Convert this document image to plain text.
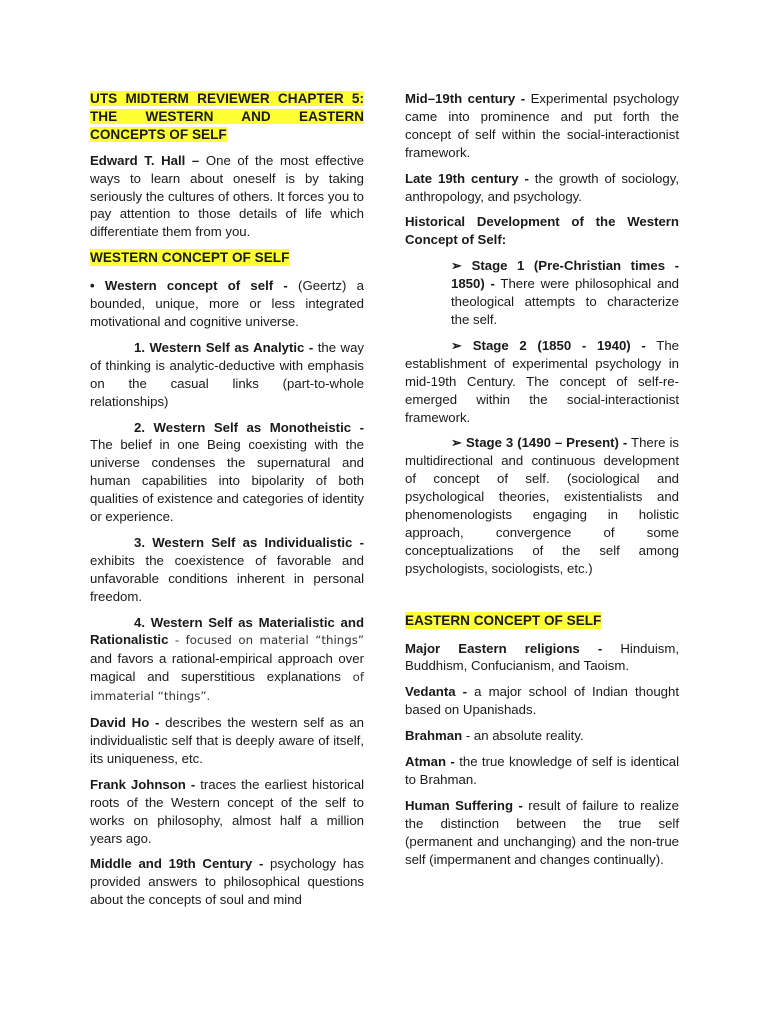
UTS MIDTERM REVIEWER CHAPTER 5: THE WESTERN AND EASTERN CONCEPTS OF SELF

Edward T. Hall – One of the most effective ways to learn about oneself is by taking seriously the cultures of others. It forces you to pay attention to those details of life which differentiate them from you.

WESTERN CONCEPT OF SELF

• Western concept of self - (Geertz) a bounded, unique, more or less integrated motivational and cognitive universe.

1. Western Self as Analytic - the way of thinking is analytic-deductive with emphasis on the casual links (part-to-whole relationships)

2. Western Self as Monotheistic - The belief in one Being coexisting with the universe condenses the supernatural and human capabilities into bipolarity of both qualities of existence and categories of identity or experience.

3. Western Self as Individualistic - exhibits the coexistence of favorable and unfavorable conditions inherent in personal freedom.

4. Western Self as Materialistic and Rationalistic - focused on material “things” and favors a rational-empirical approach over magical and superstitious explanations of immaterial “things”.

David Ho - describes the western self as an individualistic self that is deeply aware of itself, its uniqueness, etc.

Frank Johnson - traces the earliest historical roots of the Western concept of the self to works on philosophy, almost half a million years ago.

Middle and 19th Century - psychology has provided answers to philosophical questions about the concepts of soul and mind

Mid–19th century - Experimental psychology came into prominence and put forth the concept of self within the social-interactionist framework.

Late 19th century - the growth of sociology, anthropology, and psychology.

Historical Development of the Western Concept of Self:

➢ Stage 1 (Pre-Christian times - 1850) - There were philosophical and theological attempts to characterize the self.

➢ Stage 2 (1850 - 1940) - The establishment of experimental psychology in mid-19th Century. The concept of self-re-emerged within the social-interactionist framework.

➢ Stage 3 (1490 – Present) - There is multidirectional and continuous development of concept of self. (sociological and psychological theories, existentialists and phenomenologists engaging in holistic approach, convergence of some conceptualizations of the self among psychologists, sociologists, etc.)

EASTERN CONCEPT OF SELF

Major Eastern religions - Hinduism, Buddhism, Confucianism, and Taoism.

Vedanta - a major school of Indian thought based on Upanishads.

Brahman - an absolute reality.

Atman - the true knowledge of self is identical to Brahman.

Human Suffering - result of failure to realize the distinction between the true self (permanent and unchanging) and the non-true self (impermanent and changes continually).
